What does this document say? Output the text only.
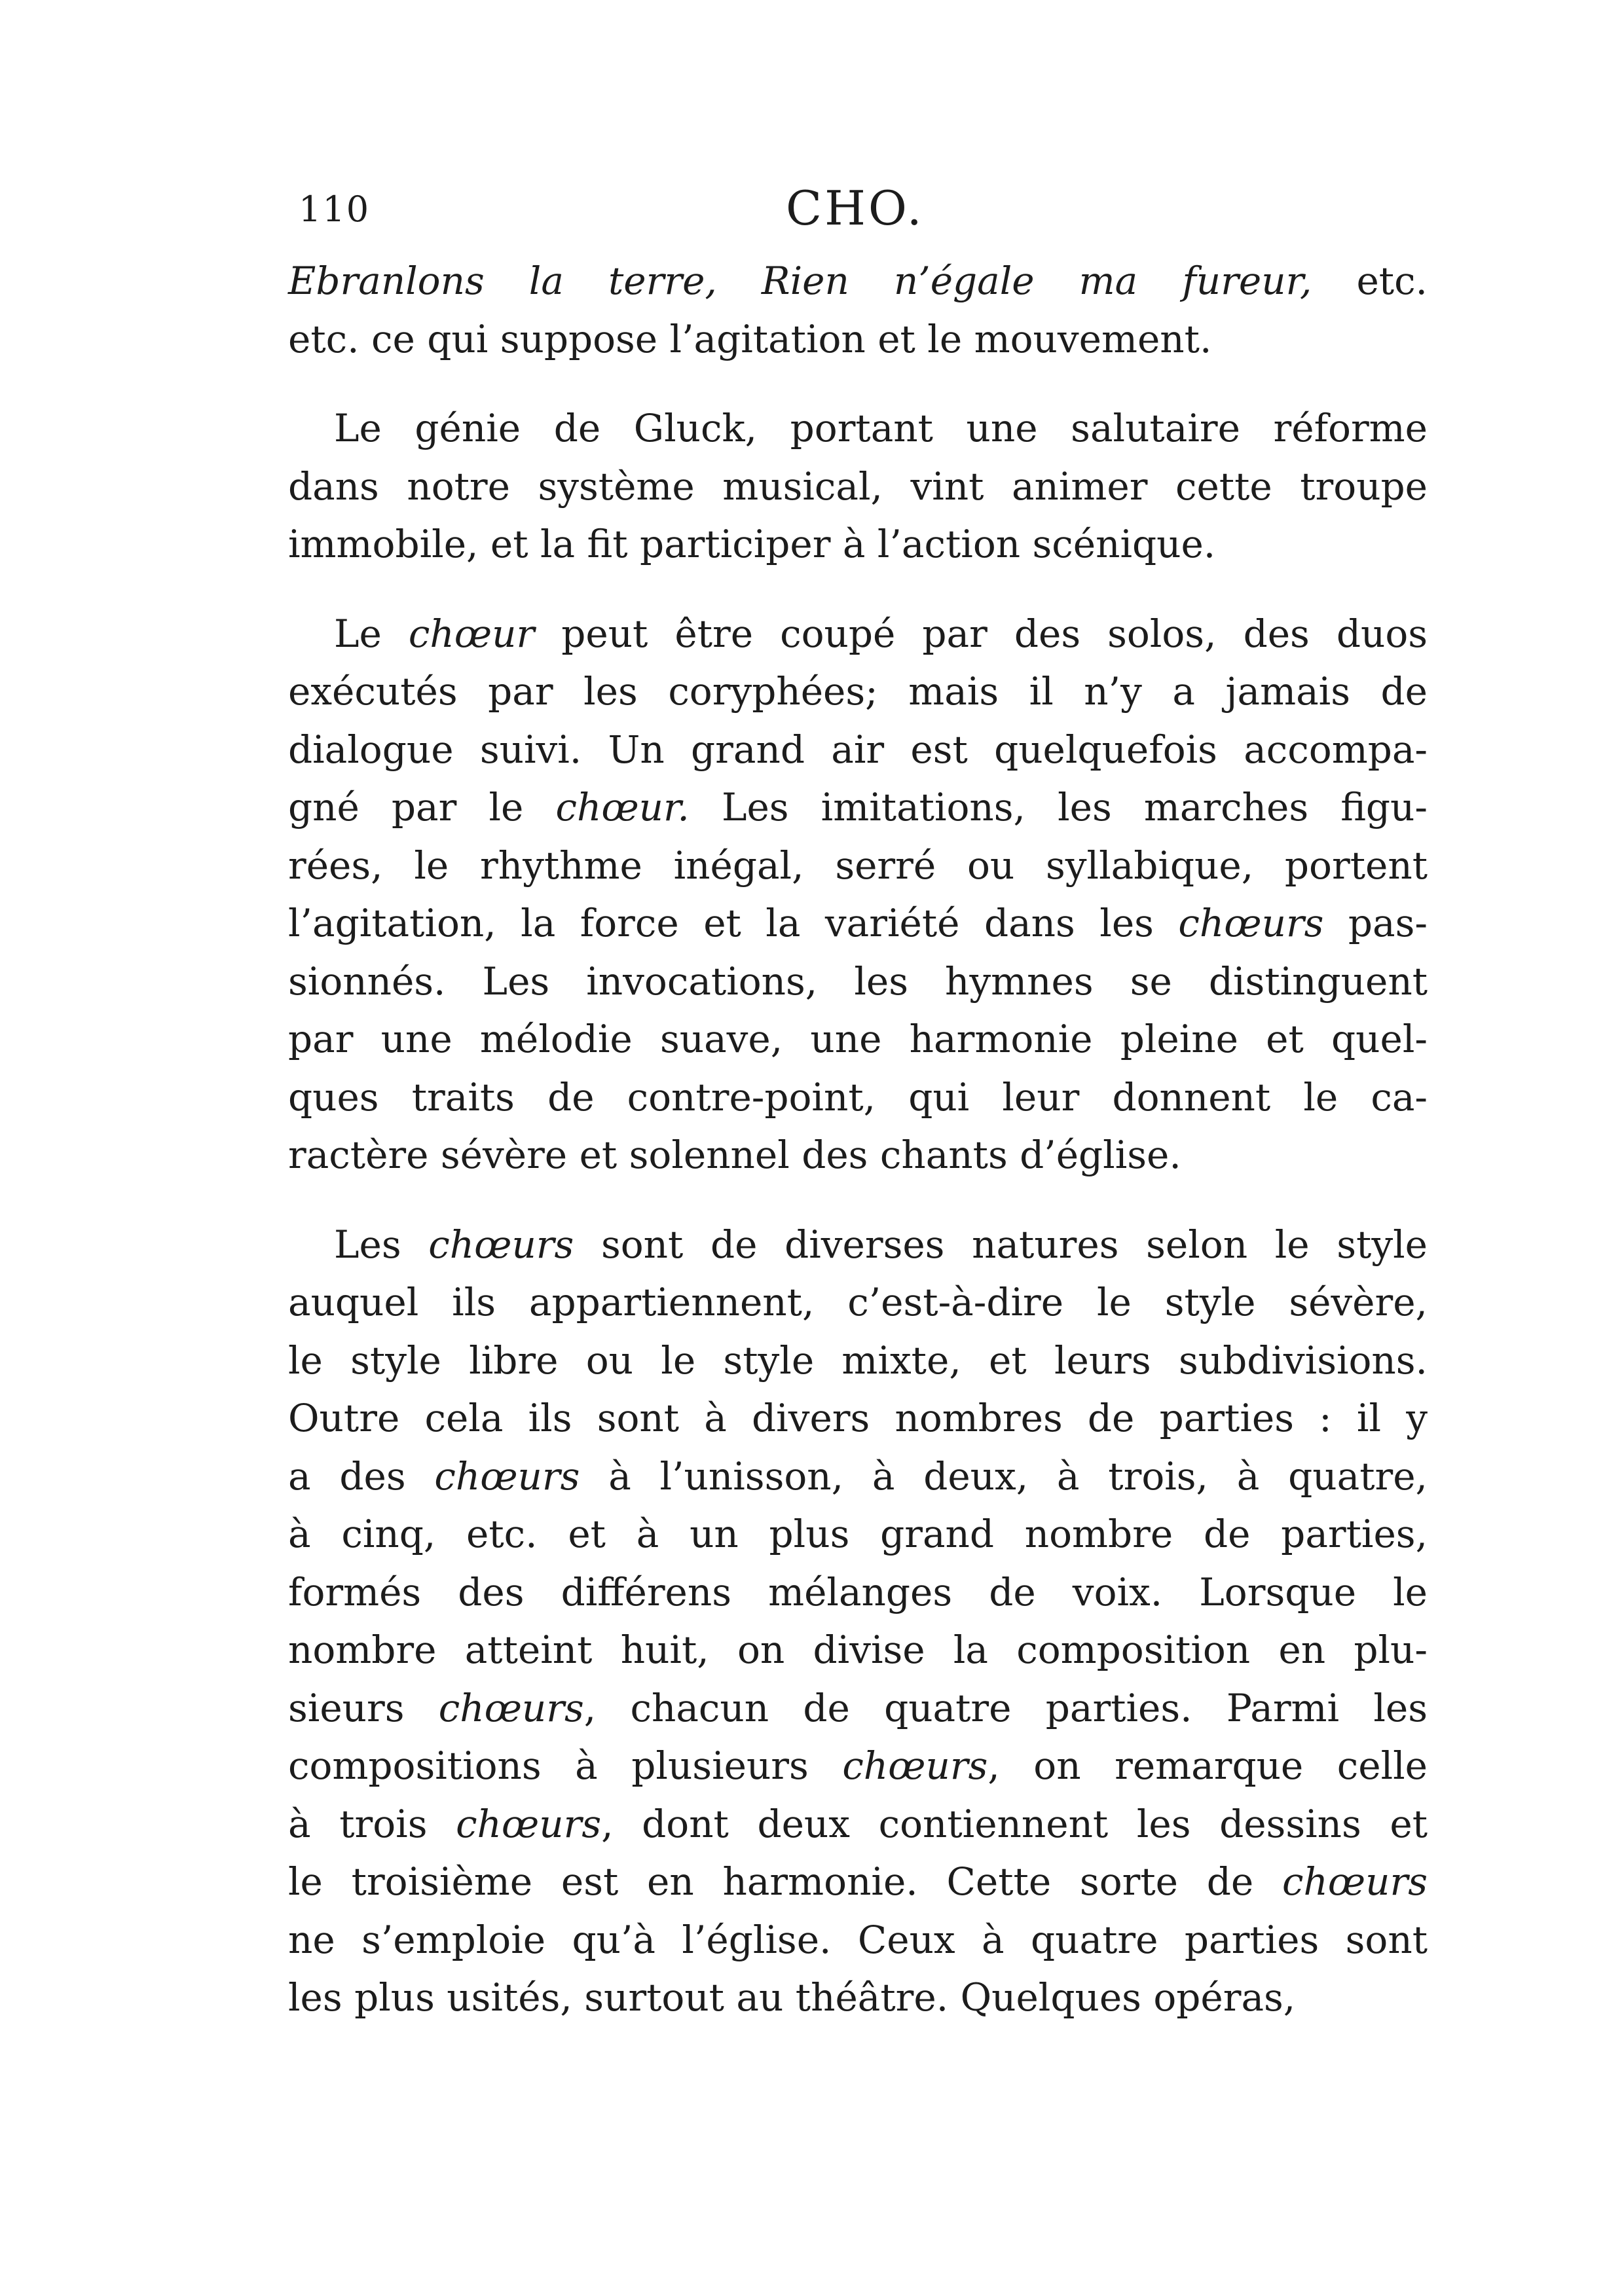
110	CHO.
Ebranlons la terre, Rien n’égale ma fureur, etc.
etc. ce qui suppose l’agitation et le mouvement.
Le génie de Gluck, portant une salutaire réforme
dans notre système musical, vint animer cette troupe
immobile, et la fit participer à l’action scénique.
Le chœur peut être coupé par des solos, des duos
exécutés par les coryphées; mais il n’y a jamais de
dialogue suivi. Un grand air est quelquefois accompa-
gné par le chœur. Les imitations, les marches figu-
rées, le rhythme inégal, serré ou syllabique, portent
l’agitation, la force et la variété dans les chœurs pas-
sionnés. Les invocations, les hymnes se distinguent
par une mélodie suave, une harmonie pleine et quel-
ques traits de contre-point, qui leur donnent le ca-
ractère sévère et solennel des chants d’église.
Les chœurs sont de diverses natures selon le style
auquel ils appartiennent, c’est-à-dire le style sévère,
le style libre ou le style mixte, et leurs subdivisions.
Outre cela ils sont à divers nombres de parties : il y
a des chœurs à l’unisson, à deux, à trois, à quatre,
à cinq, etc. et à un plus grand nombre de parties,
formés des différens mélanges de voix. Lorsque le
nombre atteint huit, on divise la composition en plu-
sieurs chœurs, chacun de quatre parties. Parmi les
compositions à plusieurs chœurs, on remarque celle
à trois chœurs, dont deux contiennent les dessins et
le troisième est en harmonie. Cette sorte de chœurs
ne s’emploie qu’à l’église. Ceux à quatre parties sont
les plus usités, surtout au théâtre. Quelques opéras,
